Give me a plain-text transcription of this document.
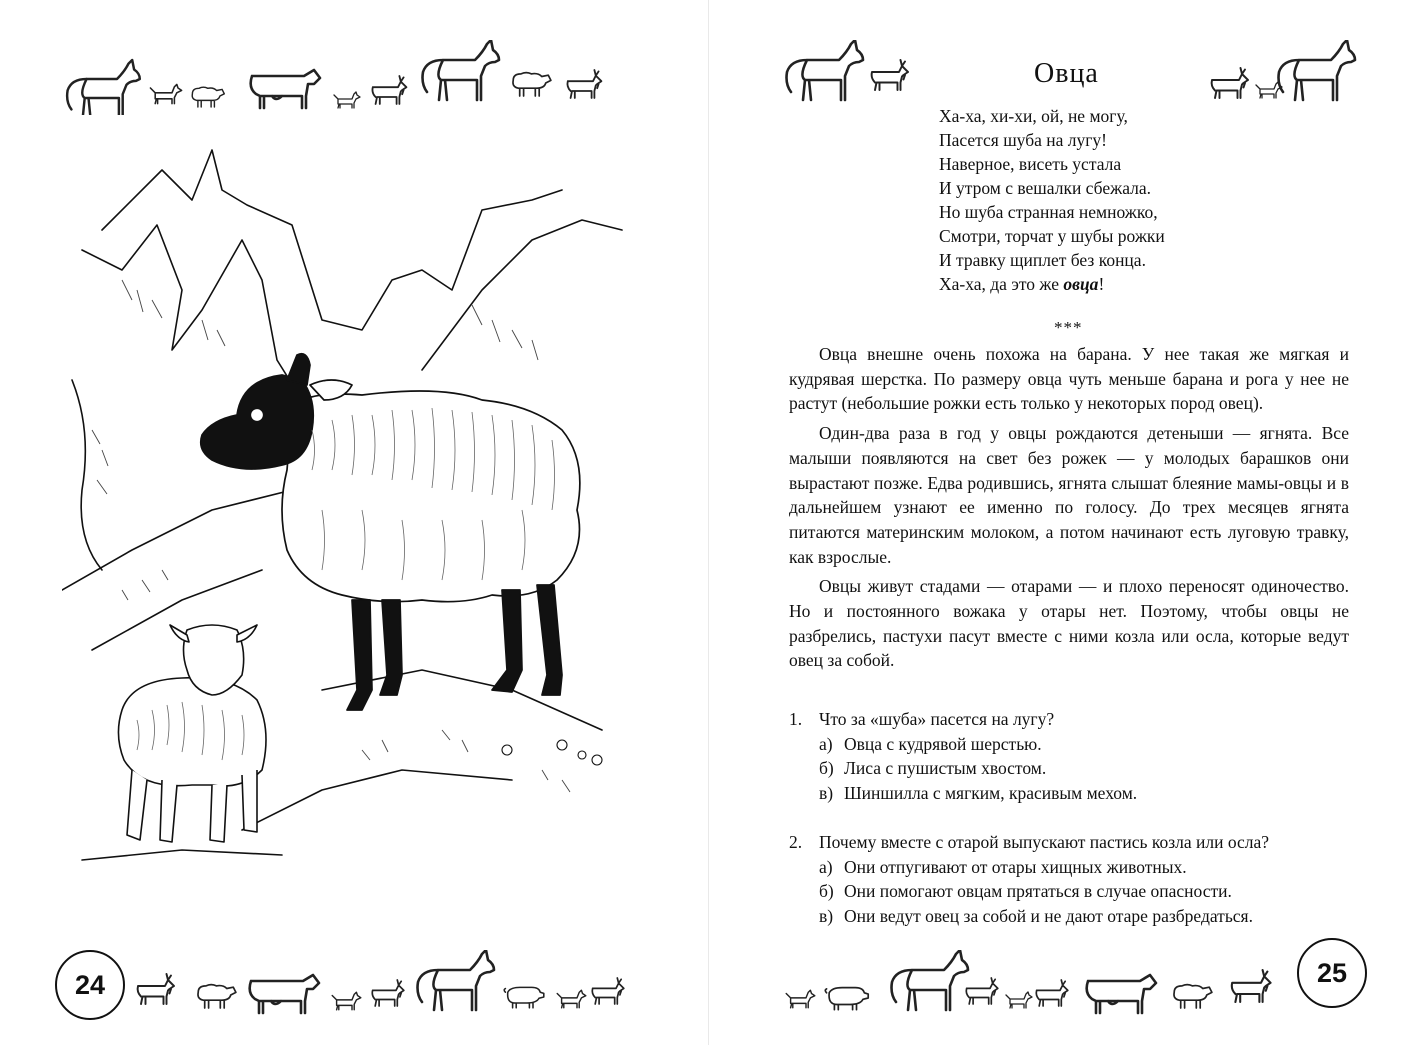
24
Овца
Ха-ха, хи-хи, ой, не могу,
Пасется шуба на лугу!
Наверное, висеть устала
И утром с вешалки сбежала.
Но шуба странная немножко,
Смотри, торчат у шубы рожки
И травку щиплет без конца.
Ха-ха, да это же овца!
***

Овца внешне очень похожа на барана. У нее такая же мягкая и кудрявая шерстка. По размеру овца чуть меньше барана и рога у нее не растут (небольшие рожки есть только у некоторых пород овец).

Один-два раза в год у овцы рождаются детеныши — ягнята. Все малыши появляются на свет без рожек — у молодых барашков они вырастают позже. Едва родившись, ягнята слышат блеяние мамы-овцы и в дальнейшем узнают ее именно по голосу. До трех месяцев ягнята питаются материнским молоком, а потом начинают есть луговую травку, как взрослые.

Овцы живут стадами — отарами — и плохо переносят одиночество. Но и постоянного вожака у отары нет. Поэтому, чтобы овцы не разбрелись, пастухи пасут вместе с ними козла или осла, которые ведут овец за собой.

1. Что за «шуба» пасется на лугу?
а) Овца с кудрявой шерстью.
б) Лиса с пушистым хвостом.
в) Шиншилла с мягким, красивым мехом.
2. Почему вместе с отарой выпускают пастись козла или осла?
а) Они отпугивают от отары хищных животных.
б) Они помогают овцам прятаться в случае опасности.
в) Они ведут овец за собой и не дают отаре разбредаться.
25
